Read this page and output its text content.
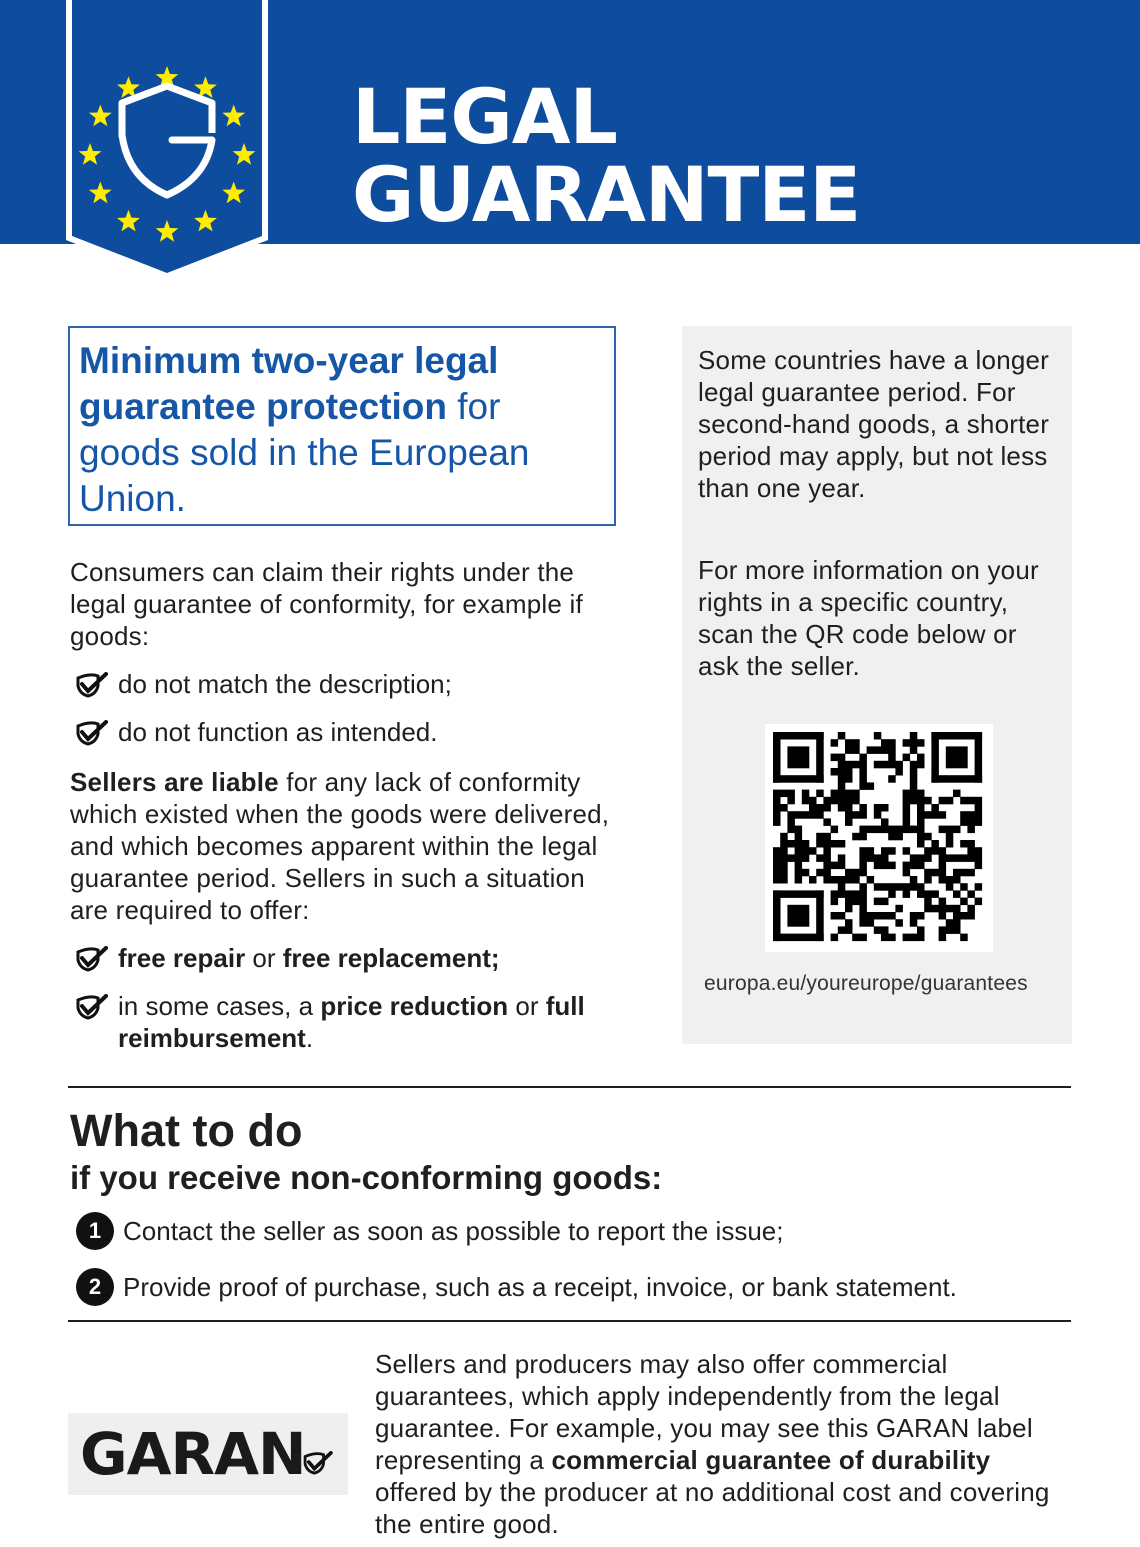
LEGAL
GUARANTEE
Minimum two-year legal guarantee protection for goods sold in the European Union.
Consumers can claim their rights under the legal guarantee of conformity, for example if goods:
do not match the description;
do not function as intended.
Sellers are liable for any lack of conformity which existed when the goods were delivered, and which becomes apparent within the legal guarantee period. Sellers in such a situation are required to offer:
free repair or free replacement;
in some cases, a price reduction or full reimbursement.
Some countries have a longer legal guarantee period. For second-hand goods, a shorter period may apply, but not less than one year.
For more information on your rights in a specific country, scan the QR code below or ask the seller.
europa.eu/youreurope/guarantees
What to do
if you receive non-conforming goods:
1 Contact the seller as soon as possible to report the issue;
2 Provide proof of purchase, such as a receipt, invoice, or bank statement.
GARAN
Sellers and producers may also offer commercial guarantees, which apply independently from the legal guarantee. For example, you may see this GARAN label representing a commercial guarantee of durability offered by the producer at no additional cost and covering the entire good.
